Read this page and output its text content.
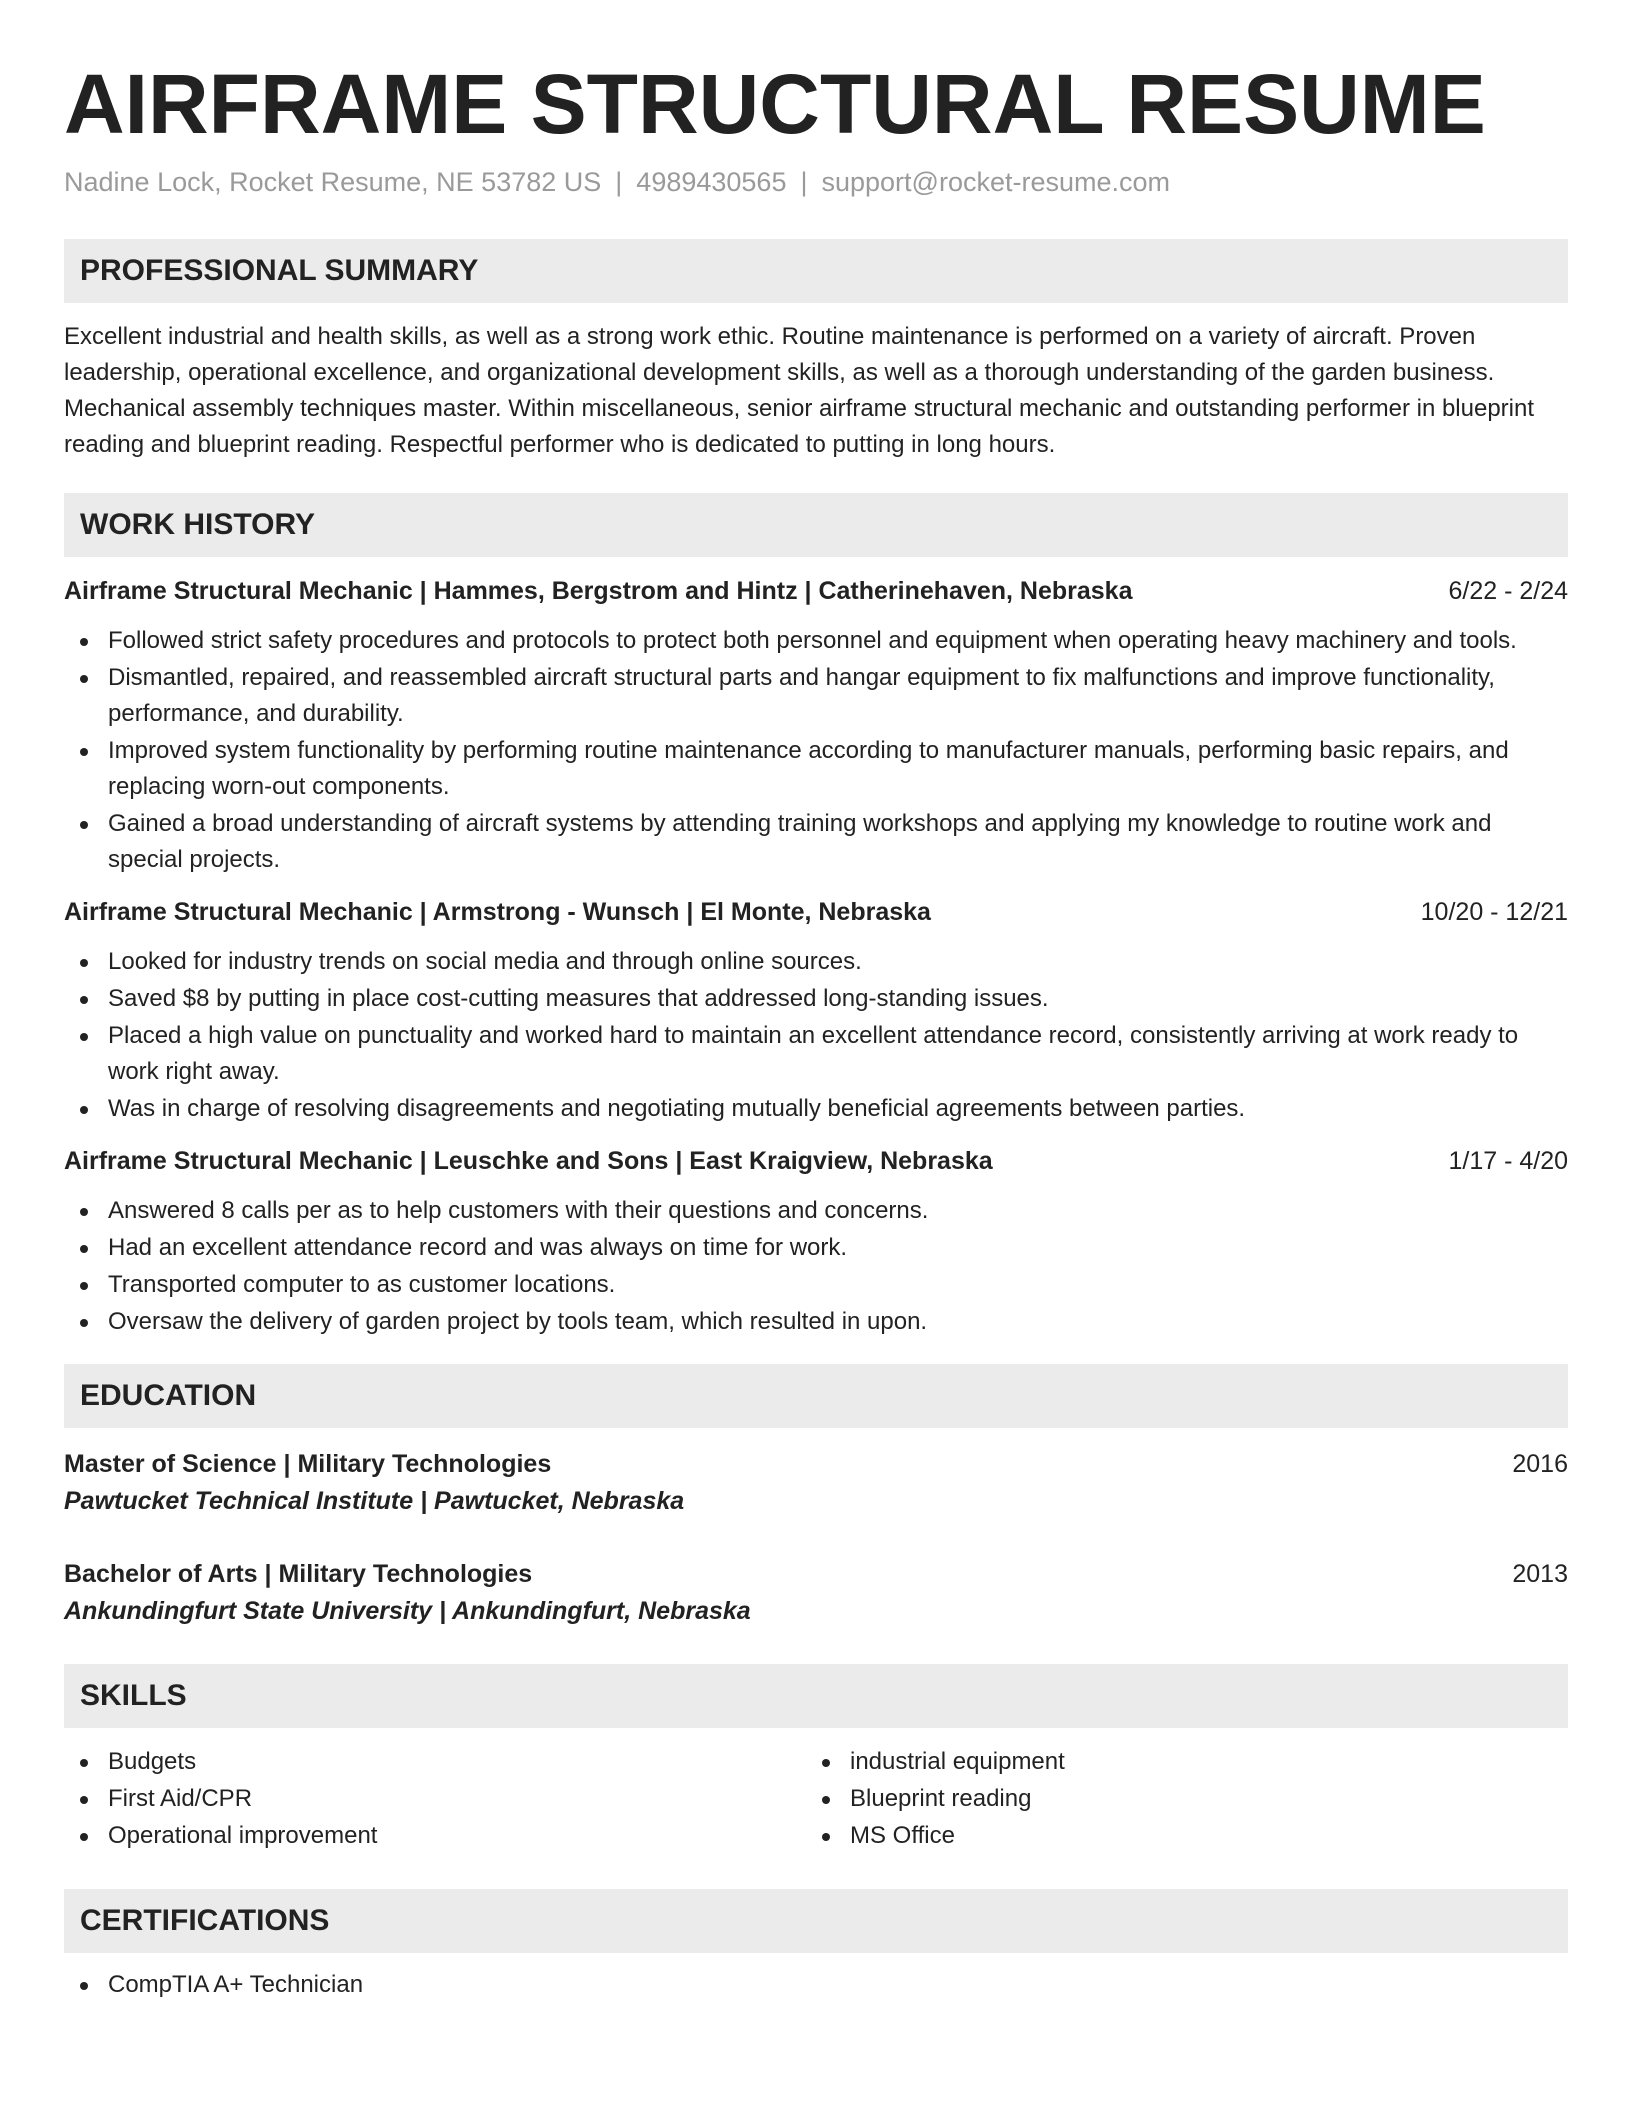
AIRFRAME STRUCTURAL RESUME
Nadine Lock, Rocket Resume, NE 53782 US | 4989430565 | support@rocket-resume.com
PROFESSIONAL SUMMARY

Excellent industrial and health skills, as well as a strong work ethic. Routine maintenance is performed on a variety of aircraft. Proven leadership, operational excellence, and organizational development skills, as well as a thorough understanding of the garden business. Mechanical assembly techniques master. Within miscellaneous, senior airframe structural mechanic and outstanding performer in blueprint reading and blueprint reading. Respectful performer who is dedicated to putting in long hours.

WORK HISTORY
Airframe Structural Mechanic | Hammes, Bergstrom and Hintz | Catherinehaven, Nebraska	6/22 - 2/24
Followed strict safety procedures and protocols to protect both personnel and equipment when operating heavy machinery and tools.
Dismantled, repaired, and reassembled aircraft structural parts and hangar equipment to fix malfunctions and improve functionality, performance, and durability.
Improved system functionality by performing routine maintenance according to manufacturer manuals, performing basic repairs, and replacing worn-out components.
Gained a broad understanding of aircraft systems by attending training workshops and applying my knowledge to routine work and special projects.
Airframe Structural Mechanic | Armstrong - Wunsch | El Monte, Nebraska	10/20 - 12/21
Looked for industry trends on social media and through online sources.
Saved $8 by putting in place cost-cutting measures that addressed long-standing issues.
Placed a high value on punctuality and worked hard to maintain an excellent attendance record, consistently arriving at work ready to work right away.
Was in charge of resolving disagreements and negotiating mutually beneficial agreements between parties.
Airframe Structural Mechanic | Leuschke and Sons | East Kraigview, Nebraska	1/17 - 4/20
Answered 8 calls per as to help customers with their questions and concerns.
Had an excellent attendance record and was always on time for work.
Transported computer to as customer locations.
Oversaw the delivery of garden project by tools team, which resulted in upon.
EDUCATION
Master of Science | Military Technologies	2016
Pawtucket Technical Institute | Pawtucket, Nebraska
Bachelor of Arts | Military Technologies	2013
Ankundingfurt State University | Ankundingfurt, Nebraska
SKILLS
Budgets
First Aid/CPR
Operational improvement
industrial equipment
Blueprint reading
MS Office
CERTIFICATIONS
CompTIA A+ Technician
